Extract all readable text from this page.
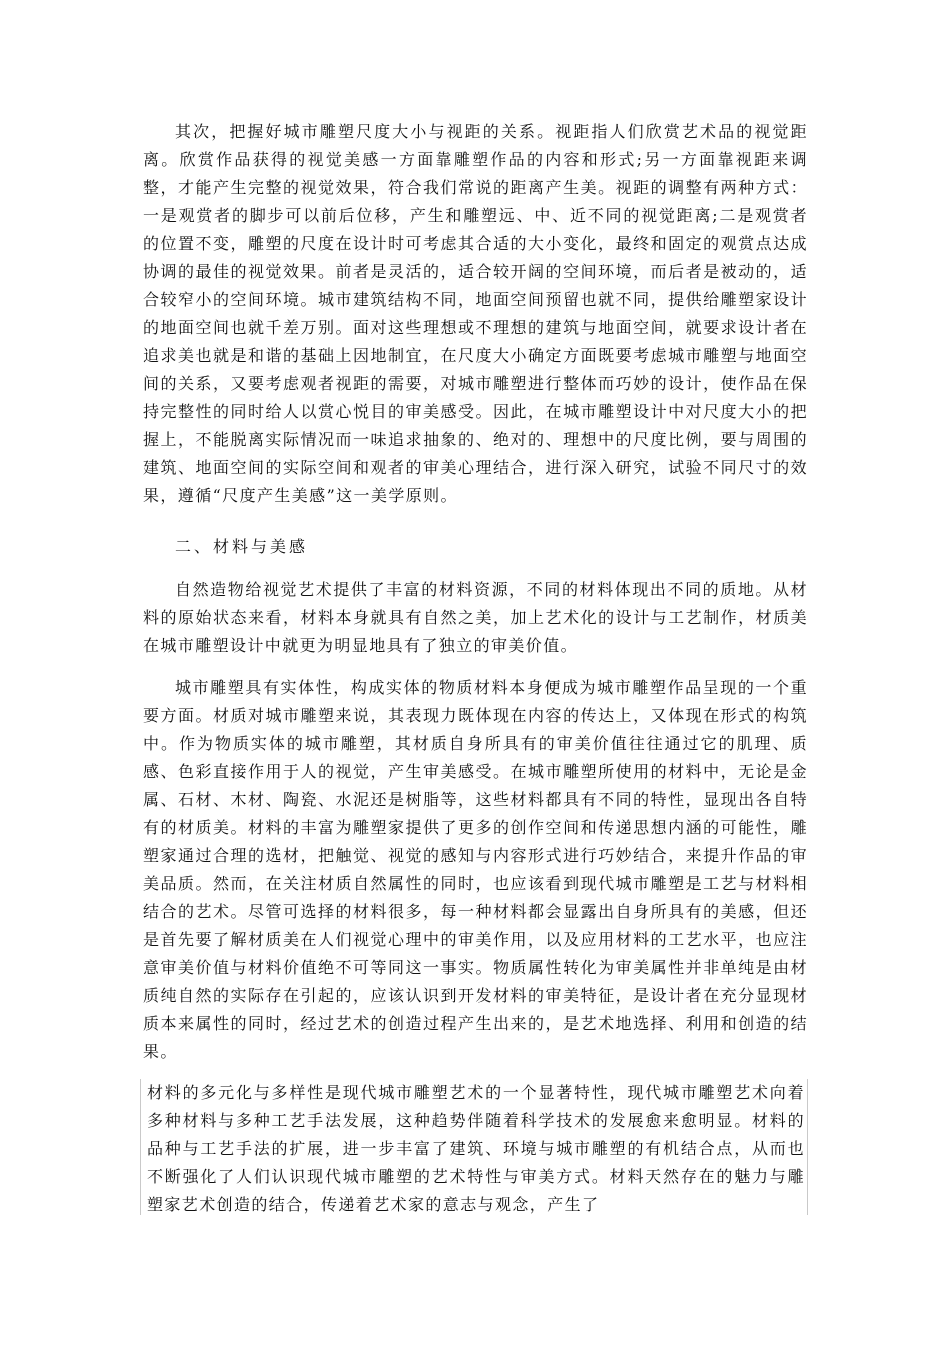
其次，把握好城市雕塑尺度大小与视距的关系。视距指人们欣赏艺术品的视觉距离。欣赏作品获得的视觉美感一方面靠雕塑作品的内容和形式;另一方面靠视距来调整，才能产生完整的视觉效果，符合我们常说的距离产生美。视距的调整有两种方式：一是观赏者的脚步可以前后位移，产生和雕塑远、中、近不同的视觉距离;二是观赏者的位置不变，雕塑的尺度在设计时可考虑其合适的大小变化，最终和固定的观赏点达成协调的最佳的视觉效果。前者是灵活的，适合较开阔的空间环境，而后者是被动的，适合较窄小的空间环境。城市建筑结构不同，地面空间预留也就不同，提供给雕塑家设计的地面空间也就千差万别。面对这些理想或不理想的建筑与地面空间，就要求设计者在追求美也就是和谐的基础上因地制宜，在尺度大小确定方面既要考虑城市雕塑与地面空间的关系，又要考虑观者视距的需要，对城市雕塑进行整体而巧妙的设计，使作品在保持完整性的同时给人以赏心悦目的审美感受。因此，在城市雕塑设计中对尺度大小的把握上，不能脱离实际情况而一味追求抽象的、绝对的、理想中的尺度比例，要与周围的建筑、地面空间的实际空间和观者的审美心理结合，进行深入研究，试验不同尺寸的效果，遵循“尺度产生美感”这一美学原则。

二、材料与美感

自然造物给视觉艺术提供了丰富的材料资源，不同的材料体现出不同的质地。从材料的原始状态来看，材料本身就具有自然之美，加上艺术化的设计与工艺制作，材质美在城市雕塑设计中就更为明显地具有了独立的审美价值。

城市雕塑具有实体性，构成实体的物质材料本身便成为城市雕塑作品呈现的一个重要方面。材质对城市雕塑来说，其表现力既体现在内容的传达上，又体现在形式的构筑中。作为物质实体的城市雕塑，其材质自身所具有的审美价值往往通过它的肌理、质感、色彩直接作用于人的视觉，产生审美感受。在城市雕塑所使用的材料中，无论是金属、石材、木材、陶瓷、水泥还是树脂等，这些材料都具有不同的特性，显现出各自特有的材质美。材料的丰富为雕塑家提供了更多的创作空间和传递思想内涵的可能性，雕塑家通过合理的选材，把触觉、视觉的感知与内容形式进行巧妙结合，来提升作品的审美品质。然而，在关注材质自然属性的同时，也应该看到现代城市雕塑是工艺与材料相结合的艺术。尽管可选择的材料很多，每一种材料都会显露出自身所具有的美感，但还是首先要了解材质美在人们视觉心理中的审美作用，以及应用材料的工艺水平，也应注意审美价值与材料价值绝不可等同这一事实。物质属性转化为审美属性并非单纯是由材质纯自然的实际存在引起的，应该认识到开发材料的审美特征，是设计者在充分显现材质本来属性的同时，经过艺术的创造过程产生出来的，是艺术地选择、利用和创造的结果。

材料的多元化与多样性是现代城市雕塑艺术的一个显著特性，现代城市雕塑艺术向着多种材料与多种工艺手法发展，这种趋势伴随着科学技术的发展愈来愈明显。材料的品种与工艺手法的扩展，进一步丰富了建筑、环境与城市雕塑的有机结合点，从而也不断强化了人们认识现代城市雕塑的艺术特性与审美方式。材料天然存在的魅力与雕塑家艺术创造的结合，传递着艺术家的意志与观念，产生了
